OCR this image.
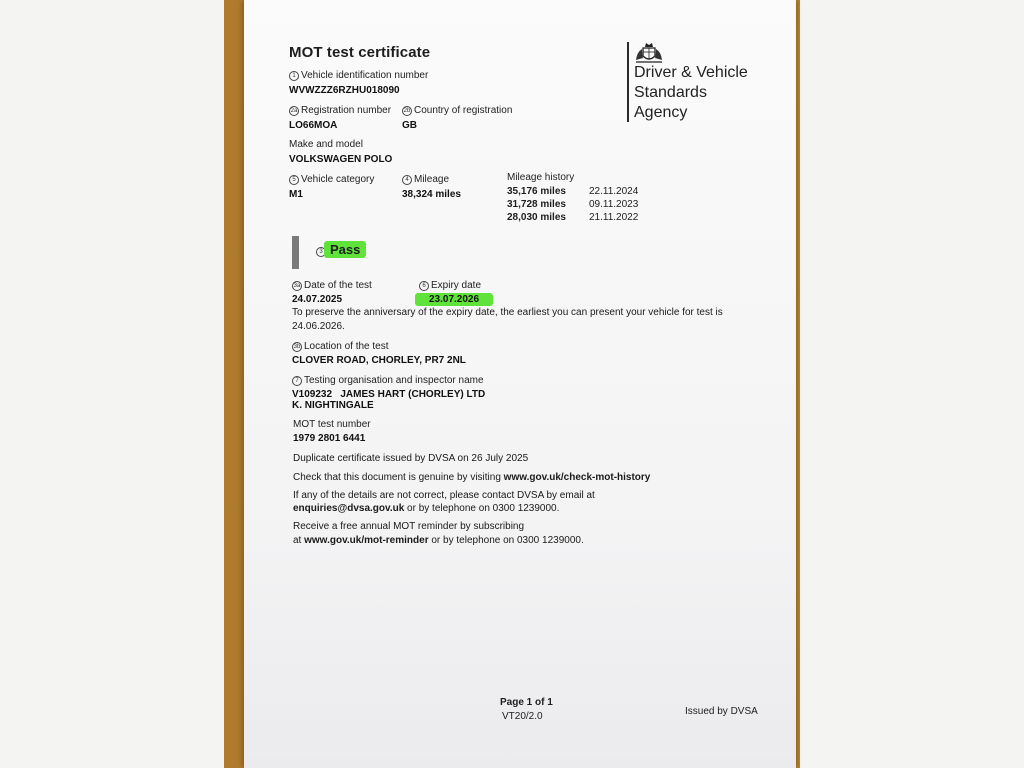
MOT test certificate
1 Vehicle identification number
WVWZZZ6RZHU018090
2a Registration number
LO66MOA
2b Country of registration
GB
Make and model
VOLKSWAGEN POLO
5 Vehicle category
M1
4 Mileage
38,324 miles
Mileage history
35,176 miles	22.11.2024
31,728 miles	09.11.2023
28,030 miles	21.11.2022
3 Pass
3a Date of the test
24.07.2025
6 Expiry date
23.07.2026
To preserve the anniversary of the expiry date, the earliest you can present your vehicle for test is
24.06.2026.
3b Location of the test
CLOVER ROAD, CHORLEY, PR7 2NL
7 Testing organisation and inspector name
V109232   JAMES HART (CHORLEY) LTD
K. NIGHTINGALE
MOT test number
1979 2801 6441
Duplicate certificate issued by DVSA on 26 July 2025
Check that this document is genuine by visiting www.gov.uk/check-mot-history
If any of the details are not correct, please contact DVSA by email at
enquiries@dvsa.gov.uk or by telephone on 0300 1239000.
Receive a free annual MOT reminder by subscribing
at www.gov.uk/mot-reminder or by telephone on 0300 1239000.
Driver & Vehicle
Standards
Agency
Page 1 of 1
VT20/2.0	Issued by DVSA
